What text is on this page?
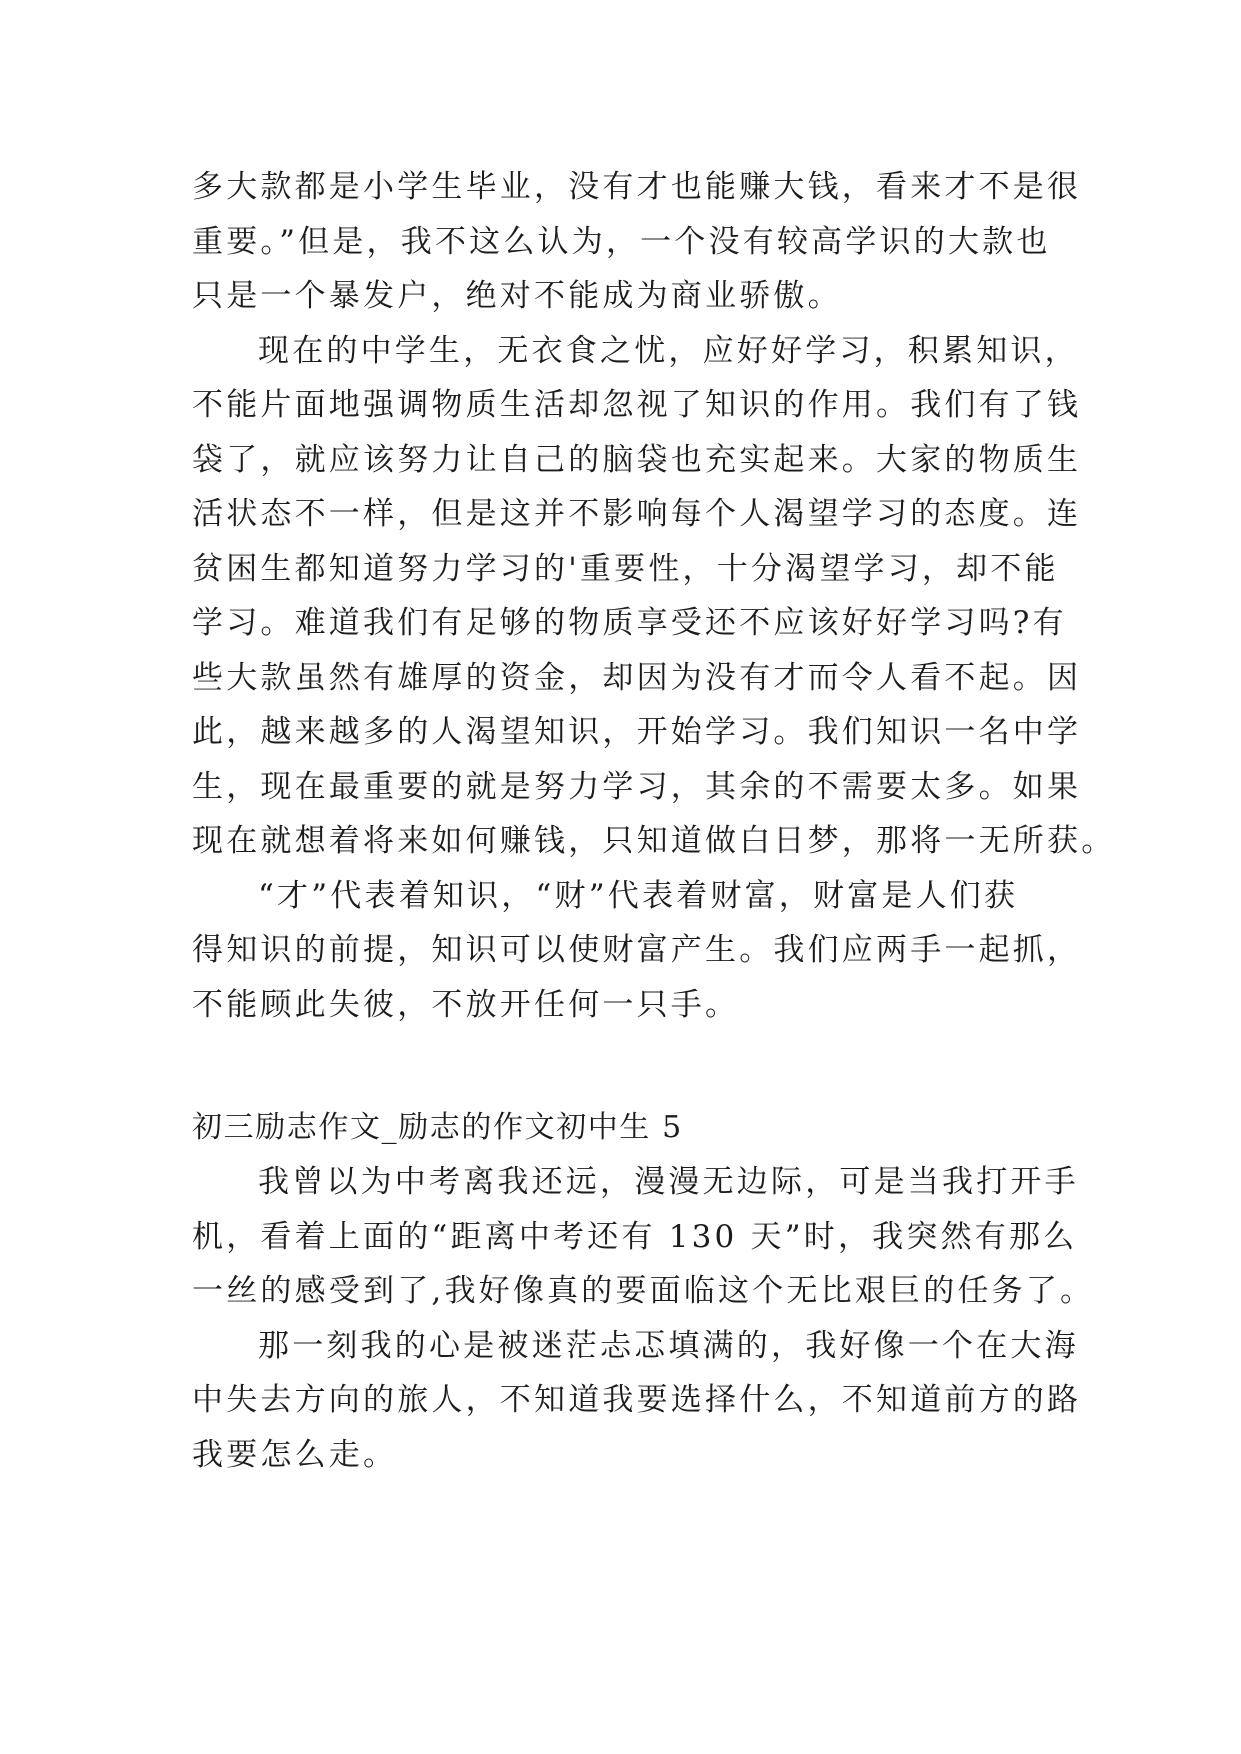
多大款都是小学生毕业，没有才也能赚大钱，看来才不是很
重要。”但是，我不这么认为，一个没有较高学识的大款也
只是一个暴发户，绝对不能成为商业骄傲。
现在的中学生，无衣食之忧，应好好学习，积累知识，
不能片面地强调物质生活却忽视了知识的作用。我们有了钱
袋了，就应该努力让自己的脑袋也充实起来。大家的物质生
活状态不一样，但是这并不影响每个人渴望学习的态度。连
贫困生都知道努力学习的'重要性，十分渴望学习，却不能
学习。难道我们有足够的物质享受还不应该好好学习吗?有
些大款虽然有雄厚的资金，却因为没有才而令人看不起。因
此，越来越多的人渴望知识，开始学习。我们知识一名中学
生，现在最重要的就是努力学习，其余的不需要太多。如果
现在就想着将来如何赚钱，只知道做白日梦，那将一无所获。
“才”代表着知识，“财”代表着财富，财富是人们获
得知识的前提，知识可以使财富产生。我们应两手一起抓，
不能顾此失彼，不放开任何一只手。
初三励志作文_励志的作文初中生 5
我曾以为中考离我还远，漫漫无边际，可是当我打开手
机，看着上面的“距离中考还有 130 天”时，我突然有那么
一丝的感受到了,我好像真的要面临这个无比艰巨的任务了。
那一刻我的心是被迷茫忐忑填满的，我好像一个在大海
中失去方向的旅人，不知道我要选择什么，不知道前方的路
我要怎么走。
